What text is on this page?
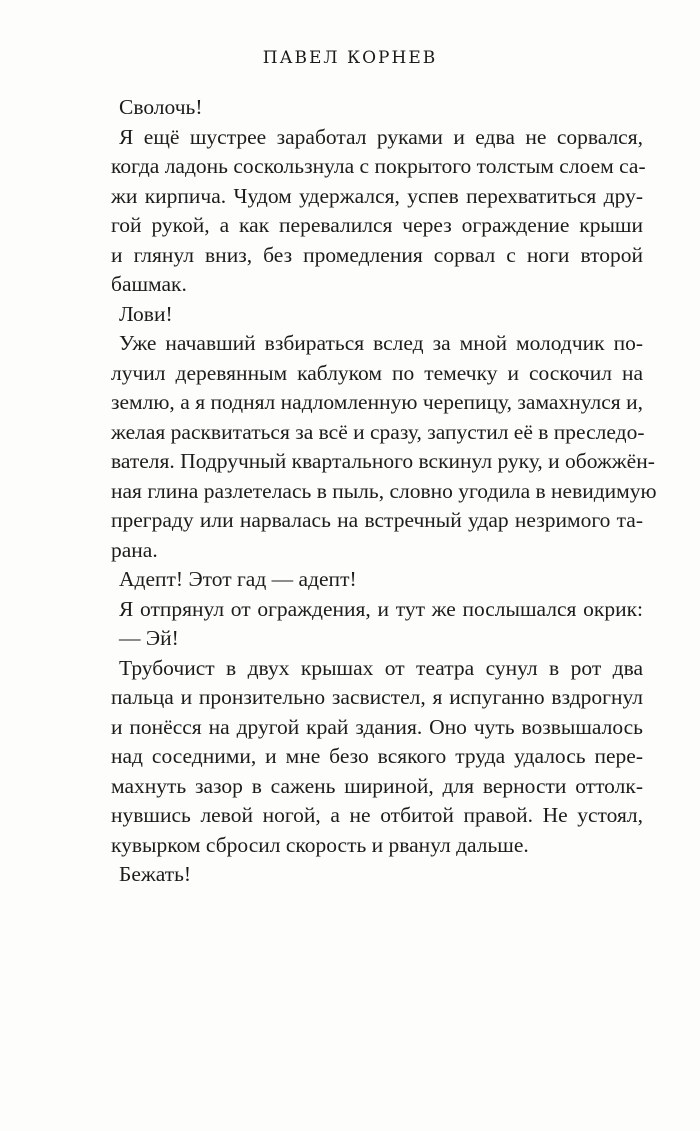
ПАВЕЛ КОРНЕВ
Сволочь!
Я ещё шустрее заработал руками и едва не сорвался,
когда ладонь соскользнула с покрытого толстым слоем са-
жи кирпича. Чудом удержался, успев перехватиться дру-
гой рукой, а как перевалился через ограждение крыши
и глянул вниз, без промедления сорвал с ноги второй
башмак.
Лови!
Уже начавший взбираться вслед за мной молодчик по-
лучил деревянным каблуком по темечку и соскочил на
землю, а я поднял надломленную черепицу, замахнулся и,
желая расквитаться за всё и сразу, запустил её в преследо-
вателя. Подручный квартального вскинул руку, и обожжён-
ная глина разлетелась в пыль, словно угодила в невидимую
преграду или нарвалась на встречный удар незримого та-
рана.
Адепт! Этот гад — адепт!
Я отпрянул от ограждения, и тут же послышался окрик:
— Эй!
Трубочист в двух крышах от театра сунул в рот два
пальца и пронзительно засвистел, я испуганно вздрогнул
и понёсся на другой край здания. Оно чуть возвышалось
над соседними, и мне безо всякого труда удалось пере-
махнуть зазор в сажень шириной, для верности оттолк-
нувшись левой ногой, а не отбитой правой. Не устоял,
кувырком сбросил скорость и рванул дальше.
Бежать!
